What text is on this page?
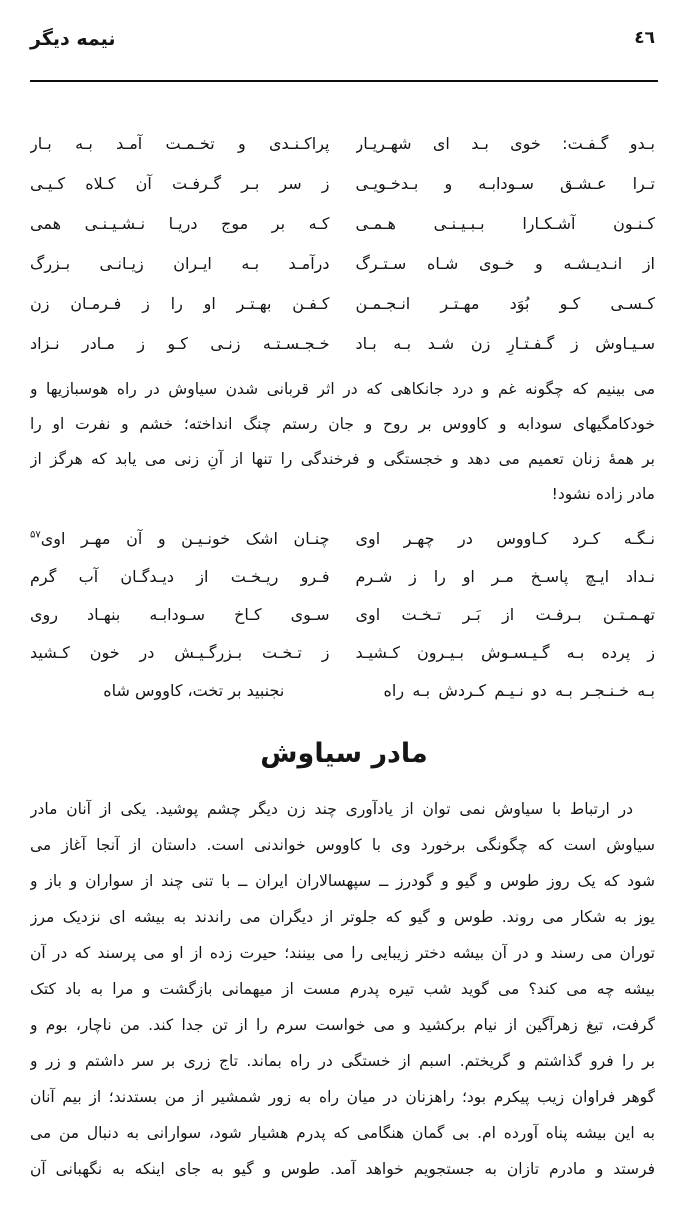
٤٦
نیمه دیگر
بـدو گـفـت: خوی بـد ای شهـریـار
پراکـنـدی و تخـمـت آمـد بـه بـار
تـرا عـشـق سـودابـه و بـدخـویـی
ز سر بـر گـرفـت آن کـلاه کـیـی
کـنـون آشـکـارا بـبـیـنـی هـمـی
کـه بر موج دریـا نـشـیـنـی همی
از انـدیـشـه و خـوی شـاه سـتـرگ
درآمـد بـه ایـران زیـانـی بـزرگ
کـسـی کـو بُوَد مهـتـر انـجـمـن
کـفـن بهـتـر او را ز فـرمـان زن
سـیـاوش ز گـفـتـارِ زن شـد بـه بـاد
خـجـسـتـه زنـی کـو ز مـادر نـزاد
می بینیم که چگونه غم و درد جانکاهی که در اثر قربانی شدن سیاوش در راه هوسبازیها و
خودکامگیهای سودابه و کاووس بر روح و جان رستم چنگ انداخته؛ خشم و نفرت او را
بر همهٔ زنان تعمیم می دهد و خجستگی و فرخندگی را تنها از آنِ زنی می یابد که هرگز از
مادر زاده نشود!
نـگـه کـرد کـاووس در چهـر اوی
چنـان اشک خونـیـن و آن مهـر اوی$^{۵۷}$
نـداد ایـچ پاسـخ مـر او را ز شـرم
فـرو ریـخـت از دیـدگـان آب گرم
تهـمـتـن بـرفـت از بَـر تـخـت اوی
سـوی کـاخ سـودابـه بنهـاد روی
ز پرده بـه گـیـسـوش بـیـرون کـشیـد
ز تـخـت بـزرگـیـش در خون کـشید
بـه خـنـجـر بـه دو نـیـم کـردش بـه راه
نجنبید بر تخت، کاووس شاه
مادر سیاوش
در ارتباط با سیاوش نمی توان از یادآوری چند زن دیگر چشم پوشید. یکی از آنان مادر
سیاوش است که چگونگی برخورد وی با کاووس خواندنی است. داستان از آنجا آغاز می
شود که یک روز طوس و گیو و گودرز ــ سپهسالاران ایران ــ با تنی چند از سواران و باز و
یوز به شکار می روند. طوس و گیو که جلوتر از دیگران می راندند به بیشه ای نزدیک مرز
توران می رسند و در آن بیشه دختر زیبایی را می بینند؛ حیرت زده از او می پرسند که در آن
بیشه چه می کند؟ می گوید شب تیره پدرم مست از میهمانی بازگشت و مرا به باد کتک
گرفت، تیغ زهرآگین از نیام برکشید و می خواست سرم را از تن جدا کند. من ناچار، بوم و
بر را فرو گذاشتم و گریختم. اسبم از خستگی در راه بماند. تاج زری بر سر داشتم و زر و
گوهر فراوان زیب پیکرم بود؛ راهزنان در میان راه به زور شمشیر از من بستدند؛ از بیم آنان
به این بیشه پناه آورده ام. بی گمان هنگامی که پدرم هشیار شود، سوارانی به دنبال من می
فرستد و مادرم تازان به جستجویم خواهد آمد. طوس و گیو به جای اینکه به نگهبانی آن
